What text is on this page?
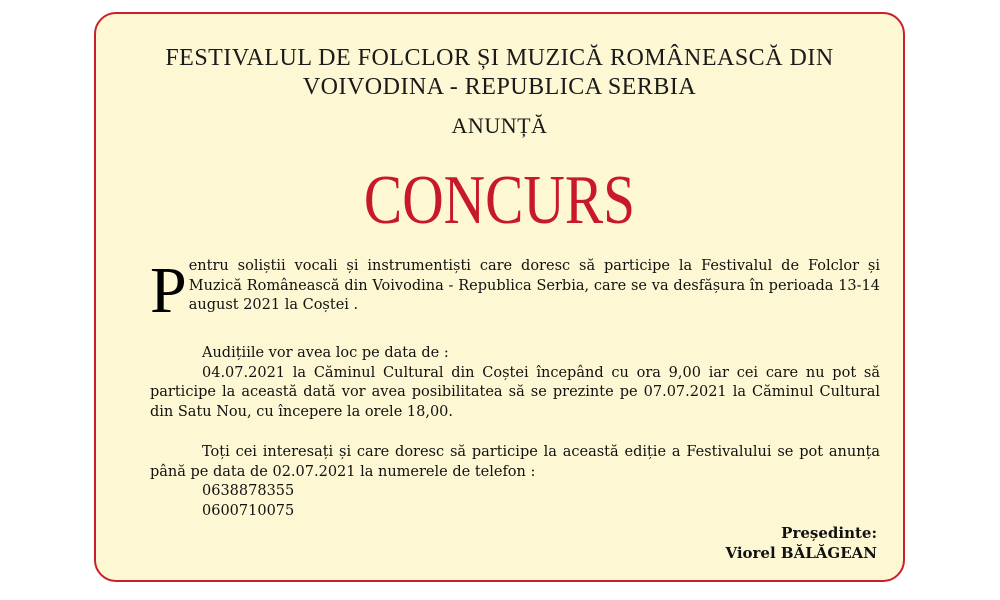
FESTIVALUL DE FOLCLOR ȘI MUZICĂ ROMÂNEASCĂ DIN
VOIVODINA - REPUBLICA SERBIA
ANUNȚĂ
CONCURS
P entru soliștii vocali și instrumentiști care doresc să participe la Festivalul de Folclor și Muzică Românească din Voivodina - Republica Serbia, care se va desfășura în perioada 13-14 august 2021 la Coștei .
Audițiile vor avea loc pe data de :
04.07.2021 la Căminul Cultural din Coștei începând cu ora 9,00 iar cei care nu pot să participe la această dată vor avea posibilitatea să se prezinte pe 07.07.2021 la Căminul Cultural din Satu Nou, cu începere la orele 18,00.
Toți cei interesați și care doresc să participe la această ediție a Festivalului se pot anunța până pe data de 02.07.2021 la numerele de telefon :
0638878355
0600710075
Președinte:
Viorel BĂLĂGEAN
